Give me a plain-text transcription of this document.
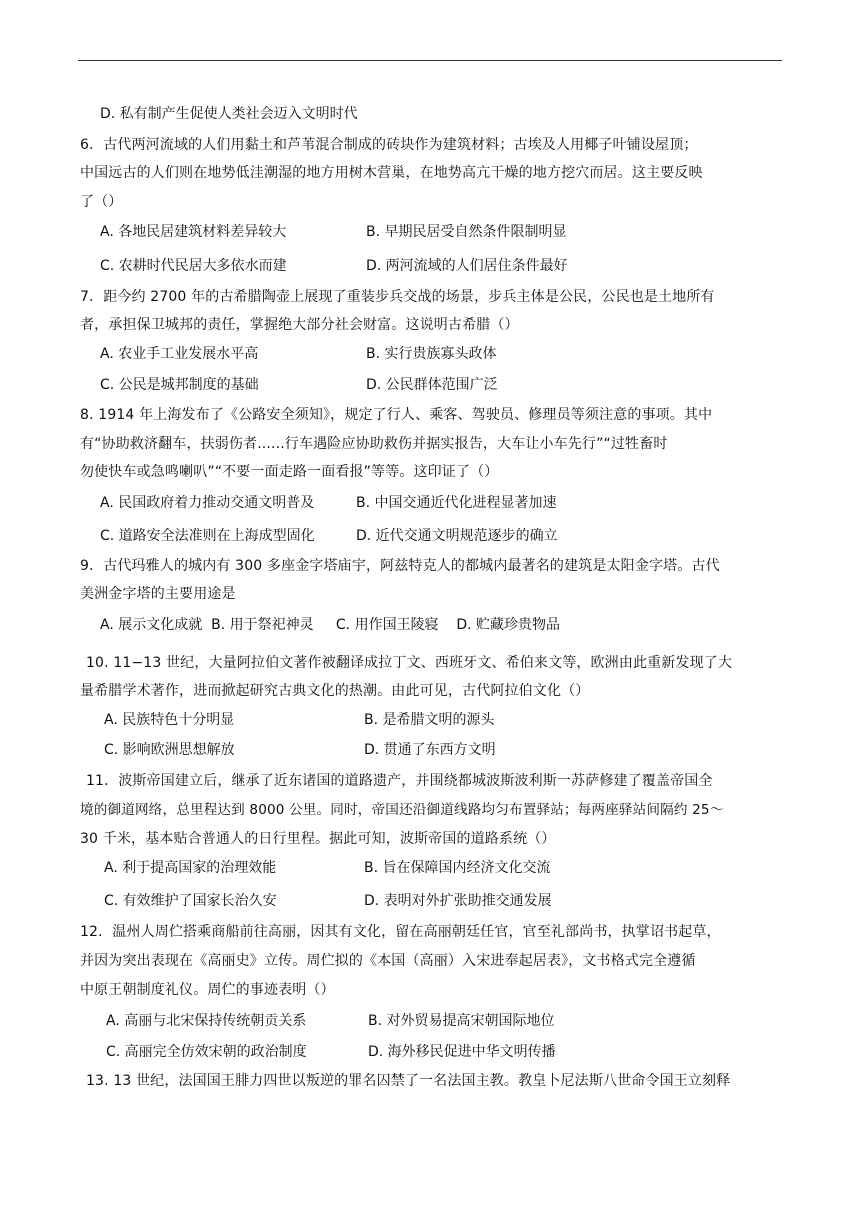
D. 私有制产生促使人类社会迈入文明时代
6．古代两河流域的人们用黏土和芦苇混合制成的砖块作为建筑材料；古埃及人用椰子叶铺设屋顶；
中国远古的人们则在地势低洼潮湿的地方用树木营巢，在地势高亢干燥的地方挖穴而居。这主要反映
了（）
A. 各地民居建筑材料差异较大	B. 早期民居受自然条件限制明显
C. 农耕时代民居大多依水而建	D. 两河流域的人们居住条件最好
7．距今约 2700 年的古希腊陶壶上展现了重装步兵交战的场景，步兵主体是公民，公民也是土地所有
者，承担保卫城邦的责任，掌握绝大部分社会财富。这说明古希腊（）
A. 农业手工业发展水平高	B. 实行贵族寡头政体
C. 公民是城邦制度的基础	D. 公民群体范围广泛
8. 1914 年上海发布了《公路安全须知》，规定了行人、乘客、驾驶员、修理员等须注意的事项。其中
有“协助救济翻车，扶弱伤者......行车遇险应协助救伤并据实报告，大车让小车先行”“过牲畜时
勿使快车或急鸣喇叭”“不要一面走路一面看报”等等。这印证了（）
A. 民国政府着力推动交通文明普及	B. 中国交通近代化进程显著加速
C. 道路安全法准则在上海成型固化	D. 近代交通文明规范逐步的确立
9．古代玛雅人的城内有 300 多座金字塔庙宇，阿兹特克人的都城内最著名的建筑是太阳金字塔。古代
美洲金字塔的主要用途是
A. 展示文化成就  B. 用于祭祀神灵     C. 用作国王陵寝    D. 贮藏珍贵物品
10. 11−13 世纪，大量阿拉伯文著作被翻译成拉丁文、西班牙文、希伯来文等，欧洲由此重新发现了大
量希腊学术著作，进而掀起研究古典文化的热潮。由此可见，古代阿拉伯文化（）
A. 民族特色十分明显	B. 是希腊文明的源头
C. 影响欧洲思想解放	D. 贯通了东西方文明
11．波斯帝国建立后，继承了近东诸国的道路遗产，并围绕都城波斯波利斯一苏萨修建了覆盖帝国全
境的御道网络，总里程达到 8000 公里。同时，帝国还沿御道线路均匀布置驿站；每两座驿站间隔约 25～
30 千米，基本贴合普通人的日行里程。据此可知，波斯帝国的道路系统（）
A. 利于提高国家的治理效能	B. 旨在保障国内经济文化交流
C. 有效维护了国家长治久安	D. 表明对外扩张助推交通发展
12．温州人周伫搭乘商船前往高丽，因其有文化，留在高丽朝廷任官，官至礼部尚书，执掌诏书起草，
并因为突出表现在《高丽史》立传。周伫拟的《本国（高丽）入宋进奉起居表》，文书格式完全遵循
中原王朝制度礼仪。周伫的事迹表明（）
A. 高丽与北宋保持传统朝贡关系	B. 对外贸易提高宋朝国际地位
C. 高丽完全仿效宋朝的政治制度	D. 海外移民促进中华文明传播
13. 13 世纪，法国国王腓力四世以叛逆的罪名囚禁了一名法国主教。教皇卜尼法斯八世命令国王立刻释
